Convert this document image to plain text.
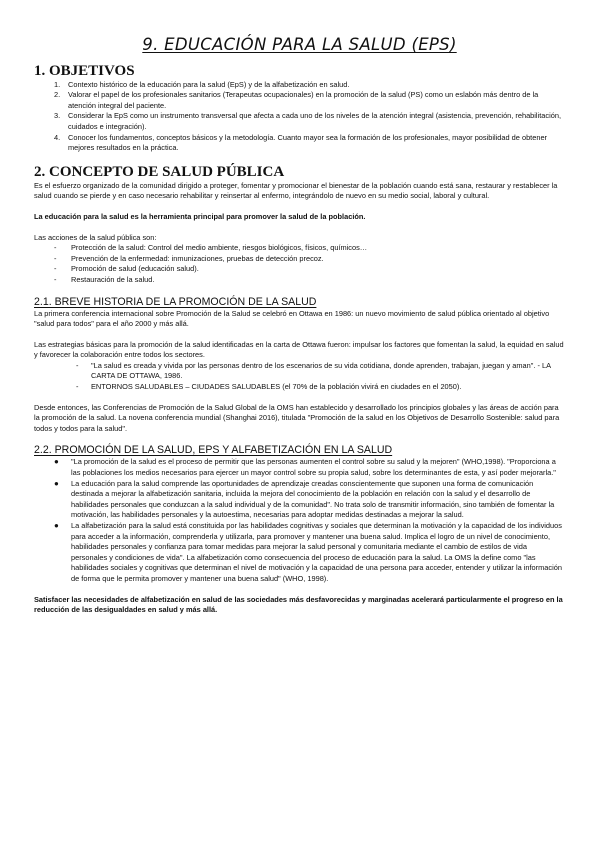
9. EDUCACIÓN PARA LA SALUD (EPS)

1. OBJETIVOS
1. Contexto histórico de la educación para la salud (EpS) y de la alfabetización en salud.
2. Valorar el papel de los profesionales sanitarios (Terapeutas ocupacionales) en la promoción de la salud (PS) como un eslabón más dentro de la atención integral del paciente.
3. Considerar la EpS como un instrumento transversal que afecta a cada uno de los niveles de la atención integral (asistencia, prevención, rehabilitación, cuidados e integración).
4. Conocer los fundamentos, conceptos básicos y la metodología. Cuanto mayor sea la formación de los profesionales, mayor posibilidad de obtener mejores resultados en la práctica.
2. CONCEPTO DE SALUD PÚBLICA

Es el esfuerzo organizado de la comunidad dirigido a proteger, fomentar y promocionar el bienestar de la población cuando está sana, restaurar y restablecer la salud cuando se pierde y en caso necesario rehabilitar y reinsertar al enfermo, integrándolo de nuevo en su medio social, laboral y cultural.

La educación para la salud es la herramienta principal para promover la salud de la población.

Las acciones de la salud pública son:

- Protección de la salud: Control del medio ambiente, riesgos biológicos, físicos, químicos…
- Prevención de la enfermedad: inmunizaciones, pruebas de detección precoz.
- Promoción de salud (educación salud).
- Restauración de la salud.
2.1. BREVE HISTORIA DE LA PROMOCIÓN DE LA SALUD

La primera conferencia internacional sobre Promoción de la Salud se celebró en Ottawa en 1986: un nuevo movimiento de salud pública orientado al objetivo "salud para todos" para el año 2000 y más allá.

Las estrategias básicas para la promoción de la salud identificadas en la carta de Ottawa fueron: impulsar los factores que fomentan la salud, la equidad en salud y favorecer la colaboración entre todos los sectores.

- "La salud es creada y vivida por las personas dentro de los escenarios de su vida cotidiana, donde aprenden, trabajan, juegan y aman". - LA CARTA DE OTTAWA, 1986.
- ENTORNOS SALUDABLES – CIUDADES SALUDABLES (el 70% de la población vivirá en ciudades en el 2050).

Desde entonces, las Conferencias de Promoción de la Salud Global de la OMS han establecido y desarrollado los principios globales y las áreas de acción para la promoción de la salud. La novena conferencia mundial (Shanghai 2016), titulada "Promoción de la salud en los Objetivos de Desarrollo Sostenible: salud para todos y todos para la salud".

2.2. PROMOCIÓN DE LA SALUD, EPS Y ALFABETIZACIÓN EN LA SALUD
● "La promoción de la salud es el proceso de permitir que las personas aumenten el control sobre su salud y la mejoren" (WHO,1998). "Proporciona a las poblaciones los medios necesarios para ejercer un mayor control sobre su propia salud, sobre los determinantes de esta, y así poder mejorarla."
● La educación para la salud comprende las oportunidades de aprendizaje creadas conscientemente que suponen una forma de comunicación destinada a mejorar la alfabetización sanitaria, incluida la mejora del conocimiento de la población en relación con la salud y el desarrollo de habilidades personales que conduzcan a la salud individual y de la comunidad". No trata solo de transmitir información, sino también de fomentar la motivación, las habilidades personales y la autoestima, necesarias para adoptar medidas destinadas a mejorar la salud.
● La alfabetización para la salud está constituida por las habilidades cognitivas y sociales que determinan la motivación y la capacidad de los individuos para acceder a la información, comprenderla y utilizarla, para promover y mantener una buena salud. Implica el logro de un nivel de conocimiento, habilidades personales y confianza para tomar medidas para mejorar la salud personal y comunitaria mediante el cambio de estilos de vida personales y condiciones de vida". La alfabetización como consecuencia del proceso de educación para la salud. La OMS la define como "las habilidades sociales y cognitivas que determinan el nivel de motivación y la capacidad de una persona para acceder, entender y utilizar la información de forma que le permita promover y mantener una buena salud" (WHO, 1998).

Satisfacer las necesidades de alfabetización en salud de las sociedades más desfavorecidas y marginadas acelerará particularmente el progreso en la reducción de las desigualdades en salud y más allá.
